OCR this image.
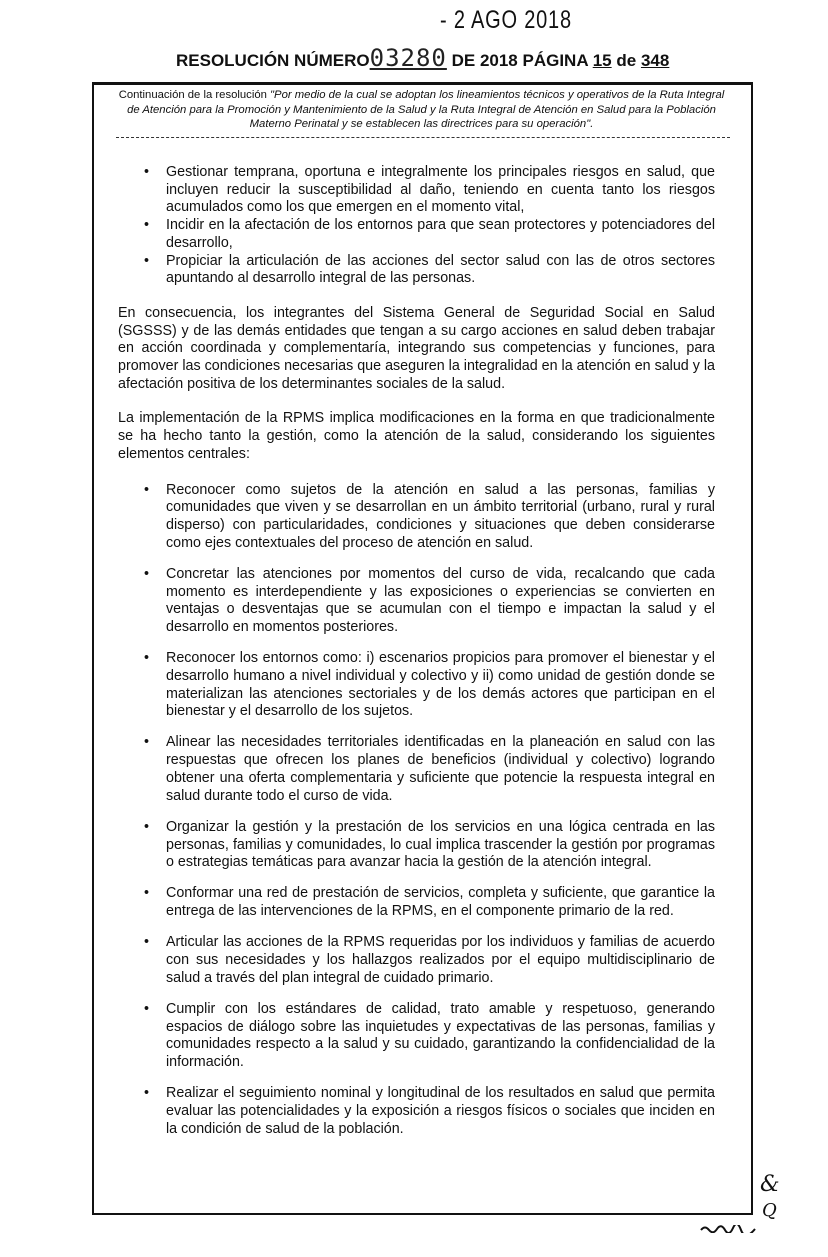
- 2 AGO 2018
RESOLUCIÓN NÚMERO03280 DE 2018 PÁGINA 15 de 348
Continuación de la resolución "Por medio de la cual se adoptan los lineamientos técnicos y operativos de la Ruta Integral de Atención para la Promoción y Mantenimiento de la Salud y la Ruta Integral de Atención en Salud para la Población Materno Perinatal y se establecen las directrices para su operación".
• Gestionar temprana, oportuna e integralmente los principales riesgos en salud, que incluyen reducir la susceptibilidad al daño, teniendo en cuenta tanto los riesgos acumulados como los que emergen en el momento vital,
• Incidir en la afectación de los entornos para que sean protectores y potenciadores del desarrollo,
• Propiciar la articulación de las acciones del sector salud con las de otros sectores apuntando al desarrollo integral de las personas.

En consecuencia, los integrantes del Sistema General de Seguridad Social en Salud (SGSSS) y de las demás entidades que tengan a su cargo acciones en salud deben trabajar en acción coordinada y complementaría, integrando sus competencias y funciones, para promover las condiciones necesarias que aseguren la integralidad en la atención en salud y la afectación positiva de los determinantes sociales de la salud.

La implementación de la RPMS implica modificaciones en la forma en que tradicionalmente se ha hecho tanto la gestión, como la atención de la salud, considerando los siguientes elementos centrales:

• Reconocer como sujetos de la atención en salud a las personas, familias y comunidades que viven y se desarrollan en un ámbito territorial (urbano, rural y rural disperso) con particularidades, condiciones y situaciones que deben considerarse como ejes contextuales del proceso de atención en salud.
• Concretar las atenciones por momentos del curso de vida, recalcando que cada momento es interdependiente y las exposiciones o experiencias se convierten en ventajas o desventajas que se acumulan con el tiempo e impactan la salud y el desarrollo en momentos posteriores.
• Reconocer los entornos como: i) escenarios propicios para promover el bienestar y el desarrollo humano a nivel individual y colectivo y ii) como unidad de gestión donde se materializan las atenciones sectoriales y de los demás actores que participan en el bienestar y el desarrollo de los sujetos.
• Alinear las necesidades territoriales identificadas en la planeación en salud con las respuestas que ofrecen los planes de beneficios (individual y colectivo) logrando obtener una oferta complementaria y suficiente que potencie la respuesta integral en salud durante todo el curso de vida.
• Organizar la gestión y la prestación de los servicios en una lógica centrada en las personas, familias y comunidades, lo cual implica trascender la gestión por programas o estrategias temáticas para avanzar hacia la gestión de la atención integral.
• Conformar una red de prestación de servicios, completa y suficiente, que garantice la entrega de las intervenciones de la RPMS, en el componente primario de la red.
• Articular las acciones de la RPMS requeridas por los individuos y familias de acuerdo con sus necesidades y los hallazgos realizados por el equipo multidisciplinario de salud a través del plan integral de cuidado primario.
• Cumplir con los estándares de calidad, trato amable y respetuoso, generando espacios de diálogo sobre las inquietudes y expectativas de las personas, familias y comunidades respecto a la salud y su cuidado, garantizando la confidencialidad de la información.
• Realizar el seguimiento nominal y longitudinal de los resultados en salud que permita evaluar las potencialidades y la exposición a riesgos físicos o sociales que inciden en la condición de salud de la población.
&
Q
